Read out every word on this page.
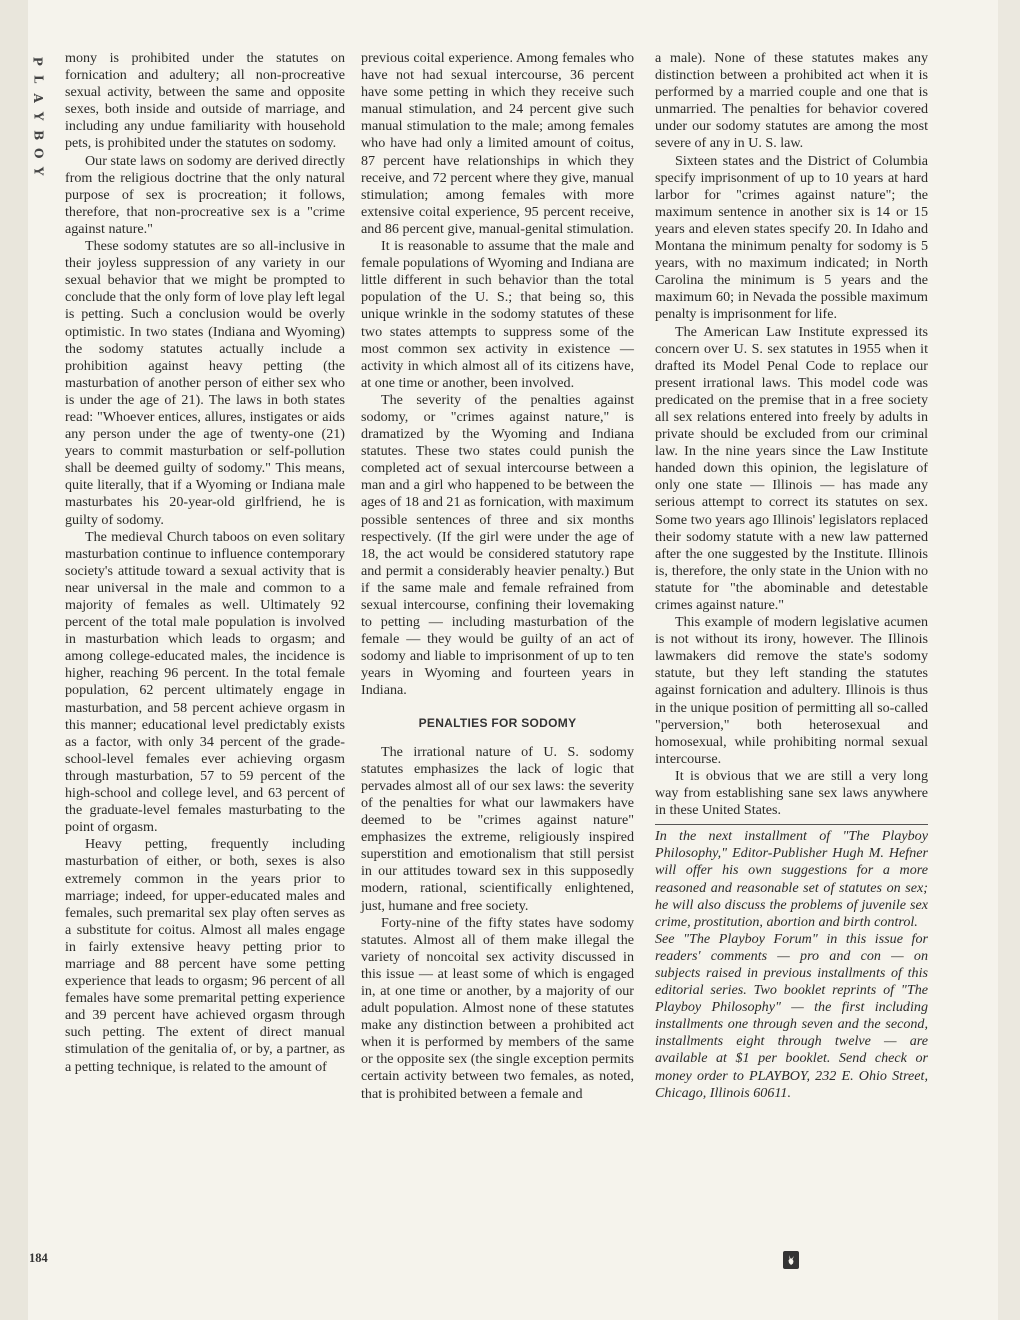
P
L
A
Y
B
O
Y
184

mony is prohibited under the statutes on fornication and adultery; all non-procreative sexual activity, between the same and opposite sexes, both inside and outside of marriage, and including any undue familiarity with household pets, is prohibited under the statutes on sodomy.

Our state laws on sodomy are derived directly from the religious doctrine that the only natural purpose of sex is procreation; it follows, therefore, that non-procreative sex is a "crime against nature."

These sodomy statutes are so all-inclusive in their joyless suppression of any variety in our sexual behavior that we might be prompted to conclude that the only form of love play left legal is petting. Such a conclusion would be overly optimistic. In two states (Indiana and Wyoming) the sodomy statutes actually include a prohibition against heavy petting (the masturbation of another person of either sex who is under the age of 21). The laws in both states read: "Whoever entices, allures, instigates or aids any person under the age of twenty-one (21) years to commit masturbation or self-pollution shall be deemed guilty of sodomy." This means, quite literally, that if a Wyoming or Indiana male masturbates his 20-year-old girlfriend, he is guilty of sodomy.

The medieval Church taboos on even solitary masturbation continue to influence contemporary society's attitude toward a sexual activity that is near universal in the male and common to a majority of females as well. Ultimately 92 percent of the total male population is involved in masturbation which leads to orgasm; and among college-educated males, the incidence is higher, reaching 96 percent. In the total female population, 62 percent ultimately engage in masturbation, and 58 percent achieve orgasm in this manner; educational level predictably exists as a factor, with only 34 percent of the grade-school-level females ever achieving orgasm through masturbation, 57 to 59 percent of the high-school and college level, and 63 percent of the graduate-level females masturbating to the point of orgasm.

Heavy petting, frequently including masturbation of either, or both, sexes is also extremely common in the years prior to marriage; indeed, for upper-educated males and females, such premarital sex play often serves as a substitute for coitus. Almost all males engage in fairly extensive heavy petting prior to marriage and 88 percent have some petting experience that leads to orgasm; 96 percent of all females have some premarital petting experience and 39 percent have achieved orgasm through such petting. The extent of direct manual stimulation of the genitalia of, or by, a partner, as a petting technique, is related to the amount of

previous coital experience. Among females who have not had sexual intercourse, 36 percent have some petting in which they receive such manual stimulation, and 24 percent give such manual stimulation to the male; among females who have had only a limited amount of coitus, 87 percent have relationships in which they receive, and 72 percent where they give, manual stimulation; among females with more extensive coital experience, 95 percent receive, and 86 percent give, manual-genital stimulation.

It is reasonable to assume that the male and female populations of Wyoming and Indiana are little different in such behavior than the total population of the U. S.; that being so, this unique wrinkle in the sodomy statutes of these two states attempts to suppress some of the most common sex activity in existence — activity in which almost all of its citizens have, at one time or another, been involved.

The severity of the penalties against sodomy, or "crimes against nature," is dramatized by the Wyoming and Indiana statutes. These two states could punish the completed act of sexual intercourse between a man and a girl who happened to be between the ages of 18 and 21 as fornication, with maximum possible sentences of three and six months respectively. (If the girl were under the age of 18, the act would be considered statutory rape and permit a considerably heavier penalty.) But if the same male and female refrained from sexual intercourse, confining their lovemaking to petting — including masturbation of the female — they would be guilty of an act of sodomy and liable to imprisonment of up to ten years in Wyoming and fourteen years in Indiana.

PENALTIES FOR SODOMY

The irrational nature of U. S. sodomy statutes emphasizes the lack of logic that pervades almost all of our sex laws: the severity of the penalties for what our lawmakers have deemed to be "crimes against nature" emphasizes the extreme, religiously inspired superstition and emotionalism that still persist in our attitudes toward sex in this supposedly modern, rational, scientifically enlightened, just, humane and free society.

Forty-nine of the fifty states have sodomy statutes. Almost all of them make illegal the variety of noncoital sex activity discussed in this issue — at least some of which is engaged in, at one time or another, by a majority of our adult population. Almost none of these statutes make any distinction between a prohibited act when it is performed by members of the same or the opposite sex (the single exception permits certain activity between two females, as noted, that is prohibited between a female and

a male). None of these statutes makes any distinction between a prohibited act when it is performed by a married couple and one that is unmarried. The penalties for behavior covered under our sodomy statutes are among the most severe of any in U. S. law.

Sixteen states and the District of Columbia specify imprisonment of up to 10 years at hard larbor for "crimes against nature"; the maximum sentence in another six is 14 or 15 years and eleven states specify 20. In Idaho and Montana the minimum penalty for sodomy is 5 years, with no maximum indicated; in North Carolina the minimum is 5 years and the maximum 60; in Nevada the possible maximum penalty is imprisonment for life.

The American Law Institute expressed its concern over U. S. sex statutes in 1955 when it drafted its Model Penal Code to replace our present irrational laws. This model code was predicated on the premise that in a free society all sex relations entered into freely by adults in private should be excluded from our criminal law. In the nine years since the Law Institute handed down this opinion, the legislature of only one state — Illinois — has made any serious attempt to correct its statutes on sex. Some two years ago Illinois' legislators replaced their sodomy statute with a new law patterned after the one suggested by the Institute. Illinois is, therefore, the only state in the Union with no statute for "the abominable and detestable crimes against nature."

This example of modern legislative acumen is not without its irony, however. The Illinois lawmakers did remove the state's sodomy statute, but they left standing the statutes against fornication and adultery. Illinois is thus in the unique position of permitting all so-called "perversion," both heterosexual and homosexual, while prohibiting normal sexual intercourse.

It is obvious that we are still a very long way from establishing sane sex laws anywhere in these United States.

In the next installment of "The Playboy Philosophy," Editor-Publisher Hugh M. Hefner will offer his own suggestions for a more reasoned and reasonable set of statutes on sex; he will also discuss the problems of juvenile sex crime, prostitution, abortion and birth control.

See "The Playboy Forum" in this issue for readers' comments — pro and con — on subjects raised in previous installments of this editorial series. Two booklet reprints of "The Playboy Philosophy" — the first including installments one through seven and the second, installments eight through twelve — are available at $1 per booklet. Send check or money order to PLAYBOY, 232 E. Ohio Street, Chicago, Illinois 60611.
